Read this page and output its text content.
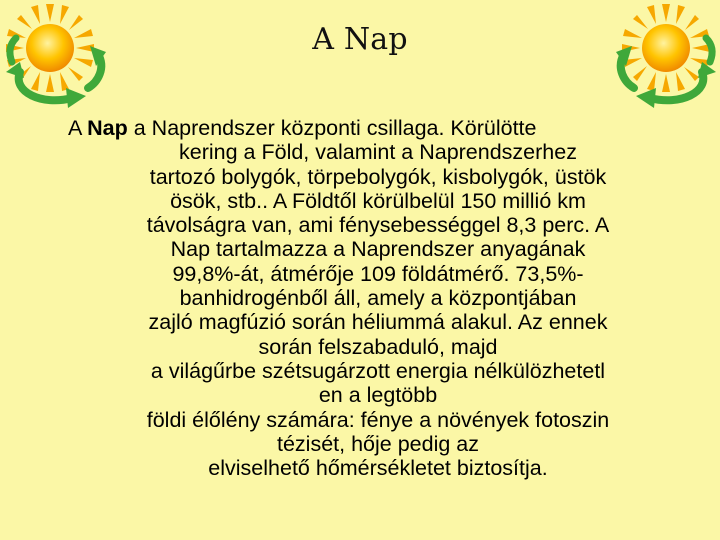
A Nap
A Nap a Naprendszer központi csillaga. Körülötte
kering a Föld, valamint a Naprendszerhez
tartozó bolygók, törpebolygók, kisbolygók, üstök
ösök, stb.. A Földtől körülbelül 150 millió km
távolságra van, ami fénysebességgel 8,3 perc. A
Nap tartalmazza a Naprendszer anyagának
99,8%-át, átmérője 109 földátmérő. 73,5%-
banhidrogénből áll, amely a központjában
zajló magfúzió során héliummá alakul. Az ennek
során felszabaduló, majd
a világűrbe szétsugárzott energia nélkülözhetetl
en a legtöbb
földi élőlény számára: fénye a növények fotoszin
tézisét, hője pedig az
elviselhető hőmérsékletet biztosítja.
